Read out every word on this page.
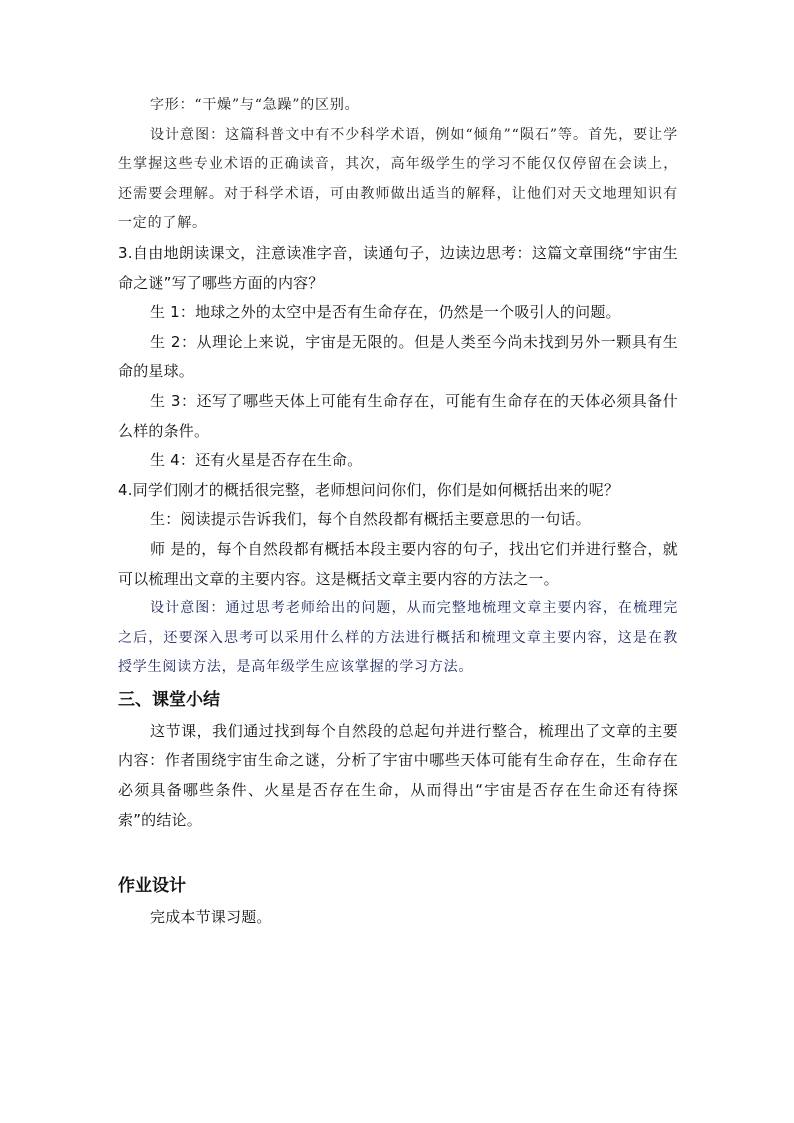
字形：“干燥”与“急躁”的区别。

设计意图：这篇科普文中有不少科学术语，例如“倾角”“陨石”等。首先，要让学生掌握这些专业术语的正确读音，其次，高年级学生的学习不能仅仅停留在会读上，还需要会理解。对于科学术语，可由教师做出适当的解释，让他们对天文地理知识有一定的了解。

3.自由地朗读课文，注意读准字音，读通句子，边读边思考：这篇文章围绕“宇宙生命之谜”写了哪些方面的内容？

生 1：地球之外的太空中是否有生命存在，仍然是一个吸引人的问题。

生 2：从理论上来说，宇宙是无限的。但是人类至今尚未找到另外一颗具有生命的星球。

生 3：还写了哪些天体上可能有生命存在，可能有生命存在的天体必须具备什么样的条件。

生 4：还有火星是否存在生命。

4.同学们刚才的概括很完整，老师想问问你们，你们是如何概括出来的呢？

生：阅读提示告诉我们，每个自然段都有概括主要意思的一句话。

师 是的，每个自然段都有概括本段主要内容的句子，找出它们并进行整合，就可以梳理出文章的主要内容。这是概括文章主要内容的方法之一。

设计意图：通过思考老师给出的问题，从而完整地梳理文章主要内容，在梳理完之后，还要深入思考可以采用什么样的方法进行概括和梳理文章主要内容，这是在教授学生阅读方法，是高年级学生应该掌握的学习方法。

三、课堂小结

这节课，我们通过找到每个自然段的总起句并进行整合，梳理出了文章的主要内容：作者围绕宇宙生命之谜，分析了宇宙中哪些天体可能有生命存在，生命存在必须具备哪些条件、火星是否存在生命，从而得出“宇宙是否存在生命还有待探索”的结论。

作业设计

完成本节课习题。
